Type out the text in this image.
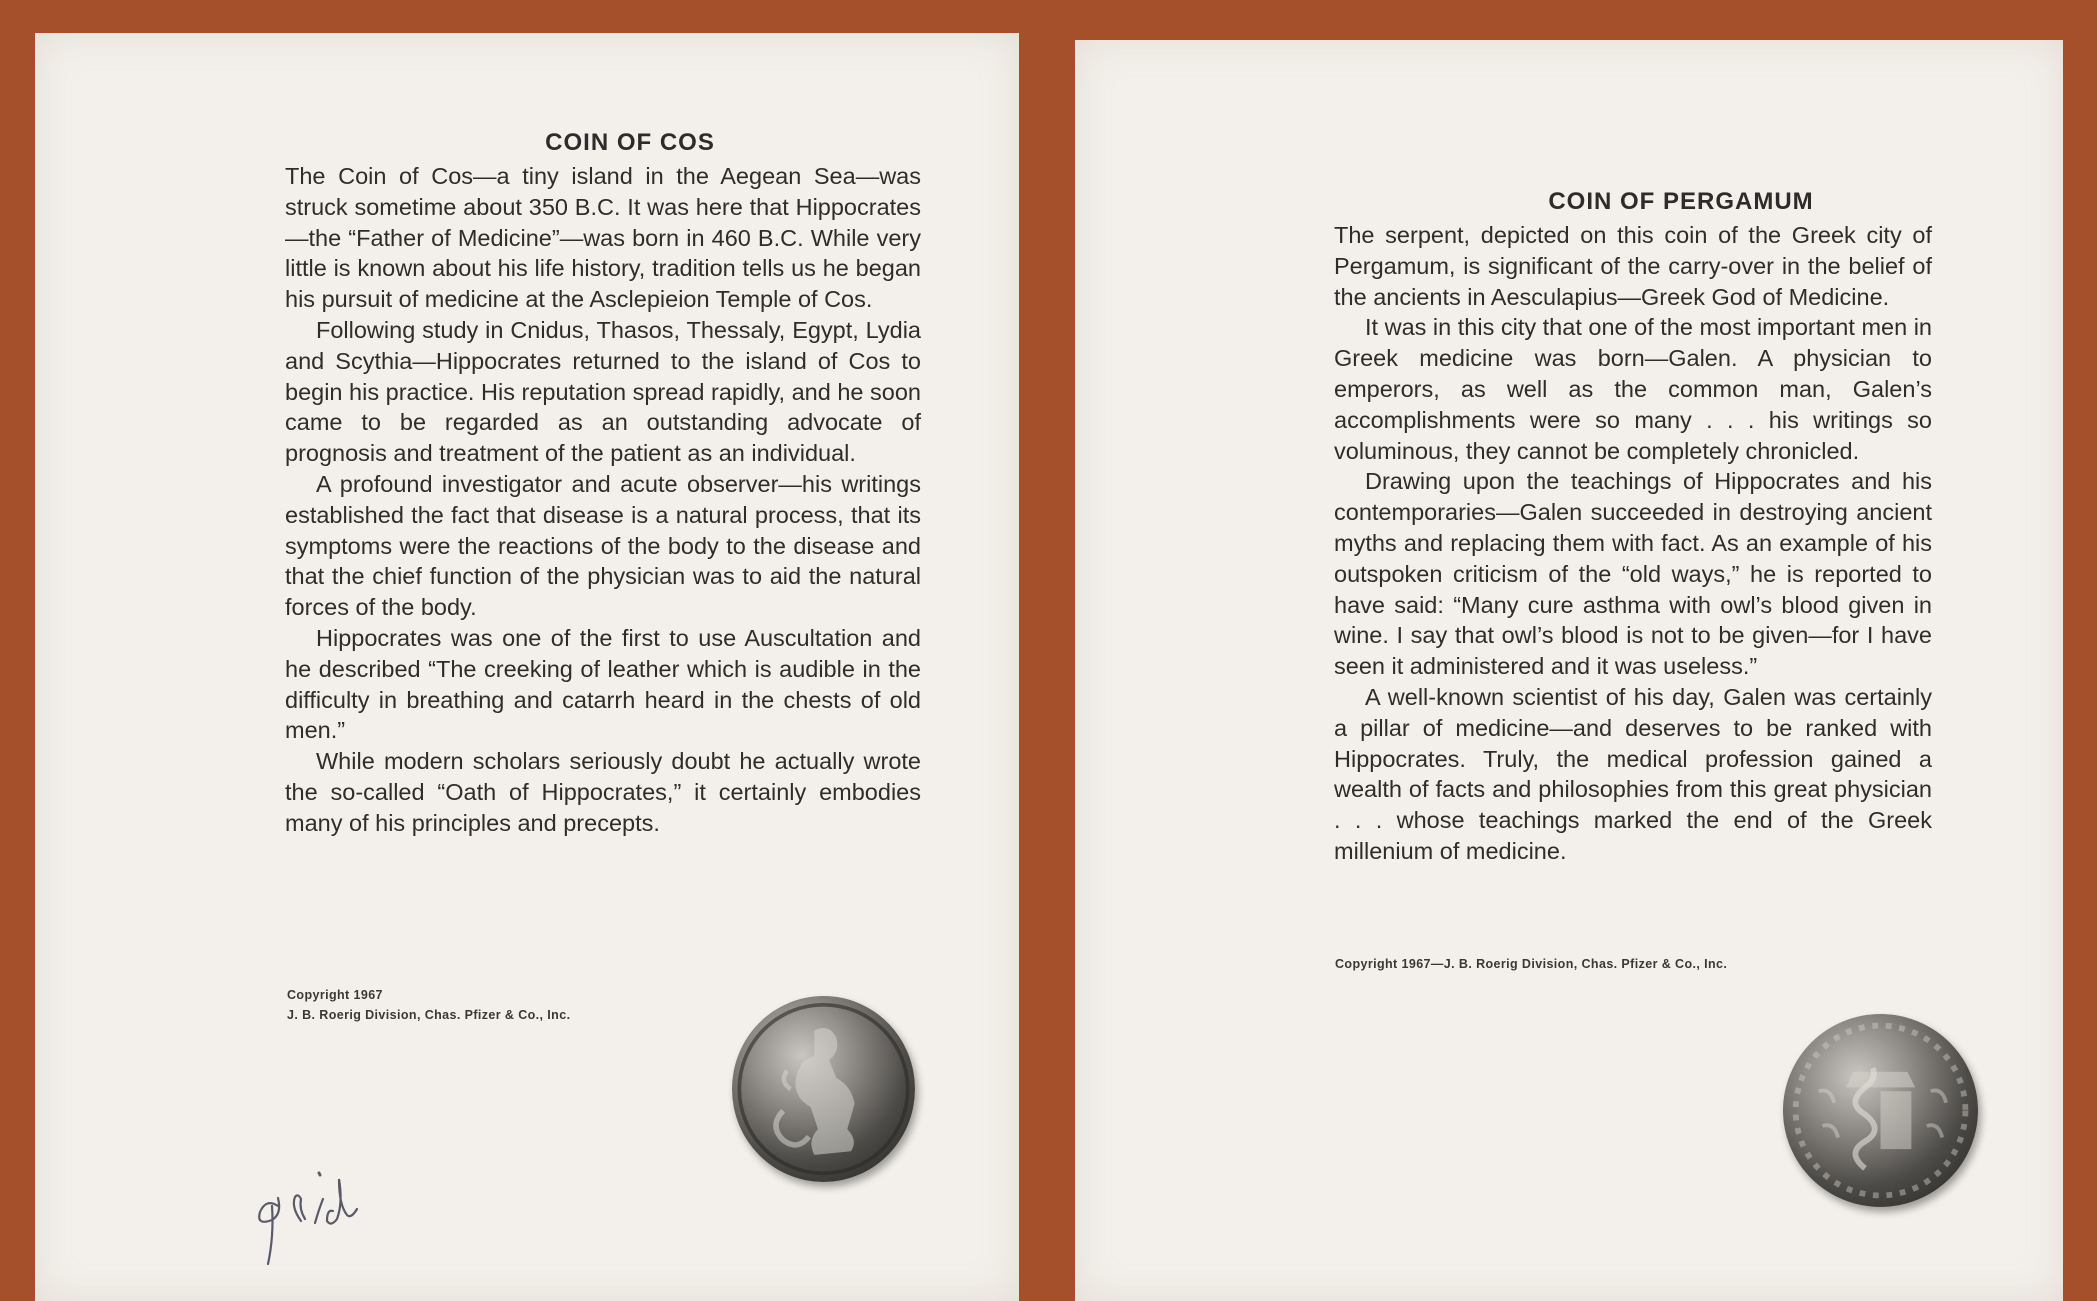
COIN OF COS

The Coin of Cos—a tiny island in the Aegean Sea—was struck sometime about 350 B.C. It was here that Hippocrates—the “Father of Medicine”—was born in 460 B.C. While very little is known about his life history, tradition tells us he began his pursuit of medicine at the Asclepieion Temple of Cos.

Following study in Cnidus, Thasos, Thessaly, Egypt, Lydia and Scythia—Hippocrates returned to the island of Cos to begin his practice. His reputation spread rapidly, and he soon came to be regarded as an outstanding advocate of prognosis and treatment of the patient as an individual.

A profound investigator and acute observer—his writings established the fact that disease is a natural process, that its symptoms were the reactions of the body to the disease and that the chief function of the physician was to aid the natural forces of the body.

Hippocrates was one of the first to use Auscultation and he described “The creeking of leather which is audible in the difficulty in breathing and catarrh heard in the chests of old men.”

While modern scholars seriously doubt he actually wrote the so-called “Oath of Hippocrates,” it certainly embodies many of his principles and precepts.

Copyright 1967
J. B. Roerig Division, Chas. Pfizer & Co., Inc.
COIN OF PERGAMUM

The serpent, depicted on this coin of the Greek city of Pergamum, is significant of the carry-over in the belief of the ancients in Aesculapius—Greek God of Medicine.

It was in this city that one of the most important men in Greek medicine was born—Galen. A physician to emperors, as well as the common man, Galen’s accomplishments were so many . . . his writings so voluminous, they cannot be completely chronicled.

Drawing upon the teachings of Hippocrates and his contemporaries—Galen succeeded in destroying ancient myths and replacing them with fact. As an example of his outspoken criticism of the “old ways,” he is reported to have said: “Many cure asthma with owl’s blood given in wine. I say that owl’s blood is not to be given—for I have seen it administered and it was useless.”

A well-known scientist of his day, Galen was certainly a pillar of medicine—and deserves to be ranked with Hippocrates. Truly, the medical profession gained a wealth of facts and philosophies from this great physician . . . whose teachings marked the end of the Greek millenium of medicine.

Copyright 1967—J. B. Roerig Division, Chas. Pfizer & Co., Inc.
